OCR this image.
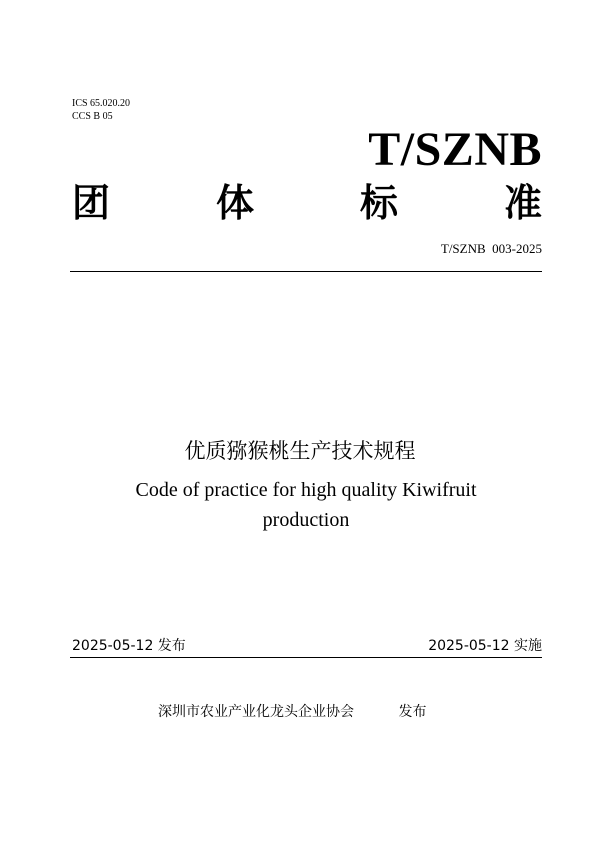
ICS 65.020.20
CCS B 05
T/SZNB
团	体	标	准
T/SZNB  003-2025
优质猕猴桃生产技术规程
Code of practice for high quality Kiwifruit production
2025-05-12 发布	2025-05-12 实施
深圳市农业产业化龙头企业协会	发布
